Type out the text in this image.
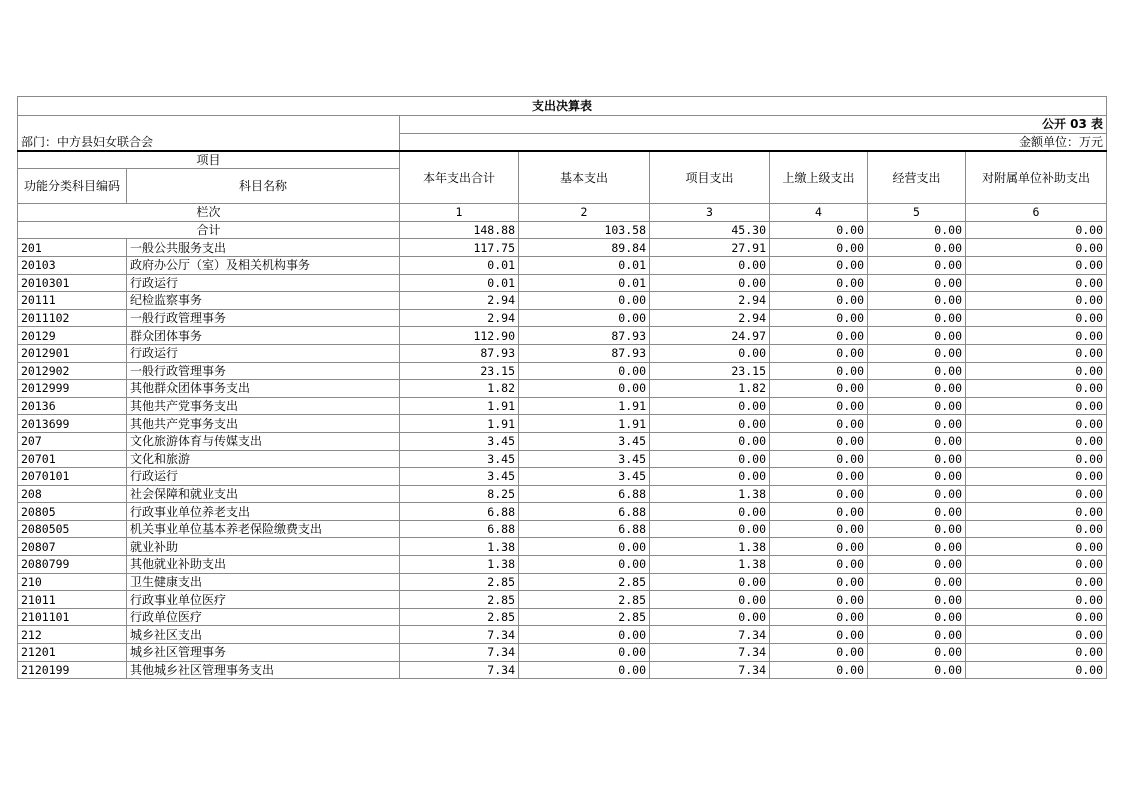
支出决算表							
		公开 03 表					
部门：中方县妇女联合会		金额单位：万元					
项目		本年支出合计	基本支出	项目支出	上缴上级支出	经营支出	对附属单位补助支出
功能分类科目编码	科目名称						
栏次		1	2	3	4	5	6
合计		148.88	103.58	45.30	0.00	0.00	0.00
201	一般公共服务支出	117.75	89.84	27.91	0.00	0.00	0.00
20103	政府办公厅（室）及相关机构事务	0.01	0.01	0.00	0.00	0.00	0.00
2010301	行政运行	0.01	0.01	0.00	0.00	0.00	0.00
20111	纪检监察事务	2.94	0.00	2.94	0.00	0.00	0.00
2011102	一般行政管理事务	2.94	0.00	2.94	0.00	0.00	0.00
20129	群众团体事务	112.90	87.93	24.97	0.00	0.00	0.00
2012901	行政运行	87.93	87.93	0.00	0.00	0.00	0.00
2012902	一般行政管理事务	23.15	0.00	23.15	0.00	0.00	0.00
2012999	其他群众团体事务支出	1.82	0.00	1.82	0.00	0.00	0.00
20136	其他共产党事务支出	1.91	1.91	0.00	0.00	0.00	0.00
2013699	其他共产党事务支出	1.91	1.91	0.00	0.00	0.00	0.00
207	文化旅游体育与传媒支出	3.45	3.45	0.00	0.00	0.00	0.00
20701	文化和旅游	3.45	3.45	0.00	0.00	0.00	0.00
2070101	行政运行	3.45	3.45	0.00	0.00	0.00	0.00
208	社会保障和就业支出	8.25	6.88	1.38	0.00	0.00	0.00
20805	行政事业单位养老支出	6.88	6.88	0.00	0.00	0.00	0.00
2080505	机关事业单位基本养老保险缴费支出	6.88	6.88	0.00	0.00	0.00	0.00
20807	就业补助	1.38	0.00	1.38	0.00	0.00	0.00
2080799	其他就业补助支出	1.38	0.00	1.38	0.00	0.00	0.00
210	卫生健康支出	2.85	2.85	0.00	0.00	0.00	0.00
21011	行政事业单位医疗	2.85	2.85	0.00	0.00	0.00	0.00
2101101	行政单位医疗	2.85	2.85	0.00	0.00	0.00	0.00
212	城乡社区支出	7.34	0.00	7.34	0.00	0.00	0.00
21201	城乡社区管理事务	7.34	0.00	7.34	0.00	0.00	0.00
2120199	其他城乡社区管理事务支出	7.34	0.00	7.34	0.00	0.00	0.00
